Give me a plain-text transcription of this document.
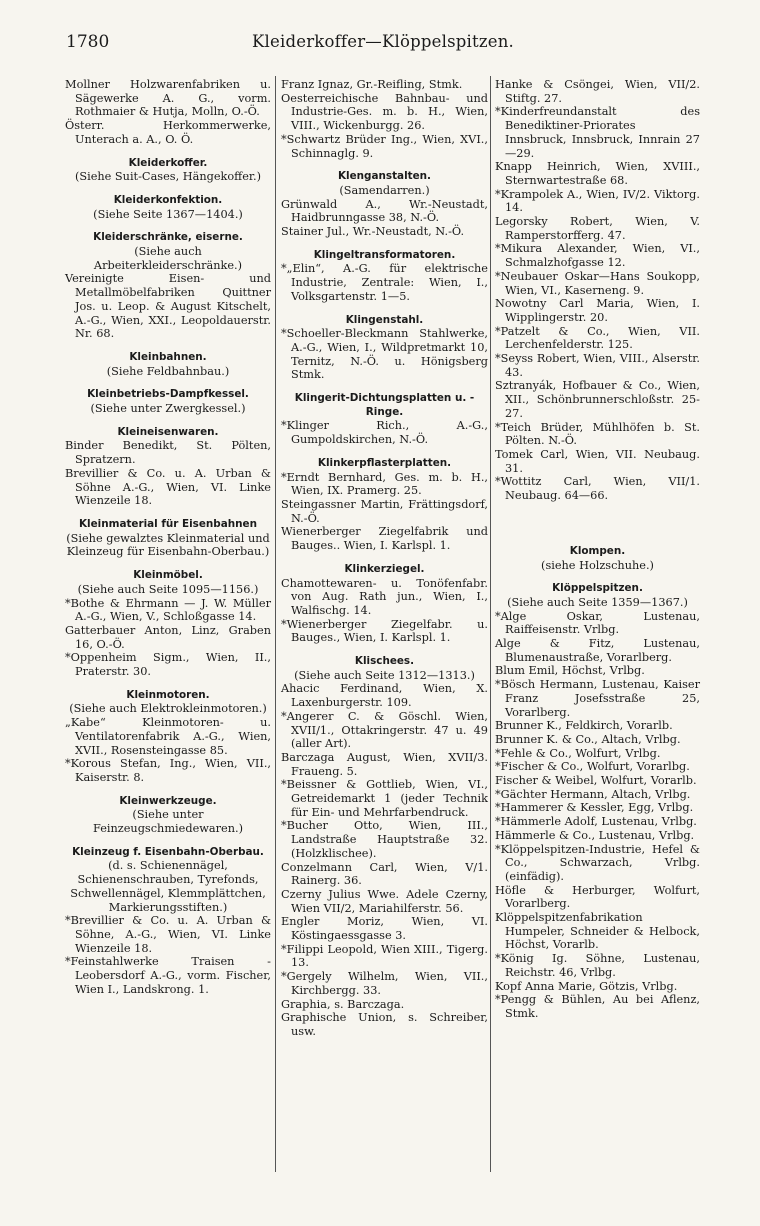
1780	Kleiderkoffer—Klöppelspitzen.
Mollner Holzwarenfabriken u. Sägewerke A. G., vorm. Rothmaier & Hutja, Molln, O.-Ö.
Österr. Herkommerwerke, Unterach a. A., O. Ö.
Kleiderkoffer.
(Siehe Suit-Cases, Hängekoffer.)
Kleiderkonfektion.
(Siehe Seite 1367—1404.)
Kleiderschränke, eiserne.
(Siehe auch Arbeiterkleiderschränke.)
Vereinigte Eisen- und Metallmöbelfabriken Quittner Jos. u. Leop. & August Kitschelt, A.-G., Wien, XXI., Leopoldauerstr. Nr. 68.
Kleinbahnen.
(Siehe Feldbahnbau.)
Kleinbetriebs-Dampfkessel.
(Siehe unter Zwergkessel.)
Kleineisenwaren.
Binder Benedikt, St. Pölten, Spratzern.
Brevillier & Co. u. A. Urban & Söhne A.-G., Wien, VI. Linke Wienzeile 18.
Kleinmaterial für Eisenbahnen
(Siehe gewalztes Kleinmaterial und Kleinzeug für Eisenbahn-Oberbau.)
Kleinmöbel.
(Siehe auch Seite 1095—1156.)
*Bothe & Ehrmann — J. W. Müller A.-G., Wien, V., Schloßgasse 14.
Gatterbauer Anton, Linz, Graben 16, O.-Ö.
*Oppenheim Sigm., Wien, II., Praterstr. 30.
Kleinmotoren.
(Siehe auch Elektrokleinmotoren.)
„Kabe“ Kleinmotoren- u. Ventilatorenfabrik A.-G., Wien, XVII., Rosensteingasse 85.
*Korous Stefan, Ing., Wien, VII., Kaiserstr. 8.
Kleinwerkzeuge.
(Siehe unter Feinzeugschmiedewaren.)
Kleinzeug f. Eisenbahn-Oberbau.
(d. s. Schienennägel, Schienenschrauben, Tyrefonds, Schwellennägel, Klemmplättchen, Markierungsstiften.)
*Brevillier & Co. u. A. Urban & Söhne, A.-G., Wien, VI. Linke Wienzeile 18.
*Feinstahlwerke Traisen - Leobersdorf A.-G., vorm. Fischer, Wien I., Landskrong. 1.
Franz Ignaz, Gr.-Reifling, Stmk.
Oesterreichische Bahnbau- und Industrie-Ges. m. b. H., Wien, VIII., Wickenburgg. 26.
*Schwartz Brüder Ing., Wien, XVI., Schinnaglg. 9.
Klenganstalten.
(Samendarren.)
Grünwald A., Wr.-Neustadt, Haidbrunngasse 38, N.-Ö.
Stainer Jul., Wr.-Neustadt, N.-Ö.
Klingeltransformatoren.
*„Elin“, A.-G. für elektrische Industrie, Zentrale: Wien, I., Volksgartenstr. 1—5.
Klingenstahl.
*Schoeller-Bleckmann Stahlwerke, A.-G., Wien, I., Wildpretmarkt 10, Ternitz, N.-Ö. u. Hönigsberg Stmk.
Klingerit-Dichtungsplatten u. -Ringe.
*Klinger Rich., A.-G., Gumpoldskirchen, N.-Ö.
Klinkerpflasterplatten.
*Erndt Bernhard, Ges. m. b. H., Wien, IX. Pramerg. 25.
Steingassner Martin, Frättingsdorf, N.-Ö.
Wienerberger Ziegelfabrik und Bauges.. Wien, I. Karlspl. 1.
Klinkerziegel.
Chamottewaren- u. Tonöfenfabr. von Aug. Rath jun., Wien, I., Walfischg. 14.
*Wienerberger Ziegelfabr. u. Bauges., Wien, I. Karlspl. 1.
Klischees.
(Siehe auch Seite 1312—1313.)
Ahacic Ferdinand, Wien, X. Laxenburgerstr. 109.
*Angerer C. & Göschl. Wien, XVII/1., Ottakringerstr. 47 u. 49 (aller Art).
Barczaga August, Wien, XVII/3. Fraueng. 5.
*Beissner & Gottlieb, Wien, VI., Getreidemarkt 1 (jeder Technik für Ein- und Mehrfarbendruck.
*Bucher Otto, Wien, III., Landstraße Hauptstraße 32. (Holzklischee).
Conzelmann Carl, Wien, V/1. Rainerg. 36.
Czerny Julius Wwe. Adele Czerny, Wien VII/2, Mariahilferstr. 56.
Engler Moriz, Wien, VI. Köstingaessgasse 3.
*Filippi Leopold, Wien XIII., Tigerg. 13.
*Gergely Wilhelm, Wien, VII., Kirchbergg. 33.
Graphia, s. Barczaga.
Graphische Union, s. Schreiber, usw.
Hanke & Csöngei, Wien, VII/2. Stiftg. 27.
*Kinderfreundanstalt des Benediktiner-Priorates Innsbruck, Innsbruck, Innrain 27—29.
Knapp Heinrich, Wien, XVIII., Sternwartestraße 68.
*Krampolek A., Wien, IV/2. Viktorg. 14.
Legorsky Robert, Wien, V. Ramperstorfferg. 47.
*Mikura Alexander, Wien, VI., Schmalzhofgasse 12.
*Neubauer Oskar—Hans Soukopp, Wien, VI., Kaserneng. 9.
Nowotny Carl Maria, Wien, I. Wipplingerstr. 20.
*Patzelt & Co., Wien, VII. Lerchenfelderstr. 125.
*Seyss Robert, Wien, VIII., Alserstr. 43.
Sztranyák, Hofbauer & Co., Wien, XII., Schönbrunnerschloßstr. 25-27.
*Teich Brüder, Mühlhöfen b. St. Pölten. N.-Ö.
Tomek Carl, Wien, VII. Neubaug. 31.
*Wottitz Carl, Wien, VII/1. Neubaug. 64—66.
Klompen.
(siehe Holzschuhe.)
Klöppelspitzen.
(Siehe auch Seite 1359—1367.)
*Alge Oskar, Lustenau, Raiffeisenstr. Vrlbg.
Alge & Fitz, Lustenau, Blumenaustraße, Vorarlberg.
Blum Emil, Höchst, Vrlbg.
*Bösch Hermann, Lustenau, Kaiser Franz Josefsstraße 25, Vorarlberg.
Brunner K., Feldkirch, Vorarlb.
Brunner K. & Co., Altach, Vrlbg.
*Fehle & Co., Wolfurt, Vrlbg.
*Fischer & Co., Wolfurt, Vorarlbg.
Fischer & Weibel, Wolfurt, Vorarlb.
*Gächter Hermann, Altach, Vrlbg.
*Hammerer & Kessler, Egg, Vrlbg.
*Hämmerle Adolf, Lustenau, Vrlbg.
Hämmerle & Co., Lustenau, Vrlbg.
*Klöppelspitzen-Industrie, Hefel & Co., Schwarzach, Vrlbg. (einfädig).
Höfle & Herburger, Wolfurt, Vorarlberg.
Klöppelspitzenfabrikation Humpeler, Schneider & Helbock, Höchst, Vorarlb.
*König Ig. Söhne, Lustenau, Reichstr. 46, Vrlbg.
Kopf Anna Marie, Götzis, Vrlbg.
*Pengg & Bühlen, Au bei Aflenz, Stmk.
